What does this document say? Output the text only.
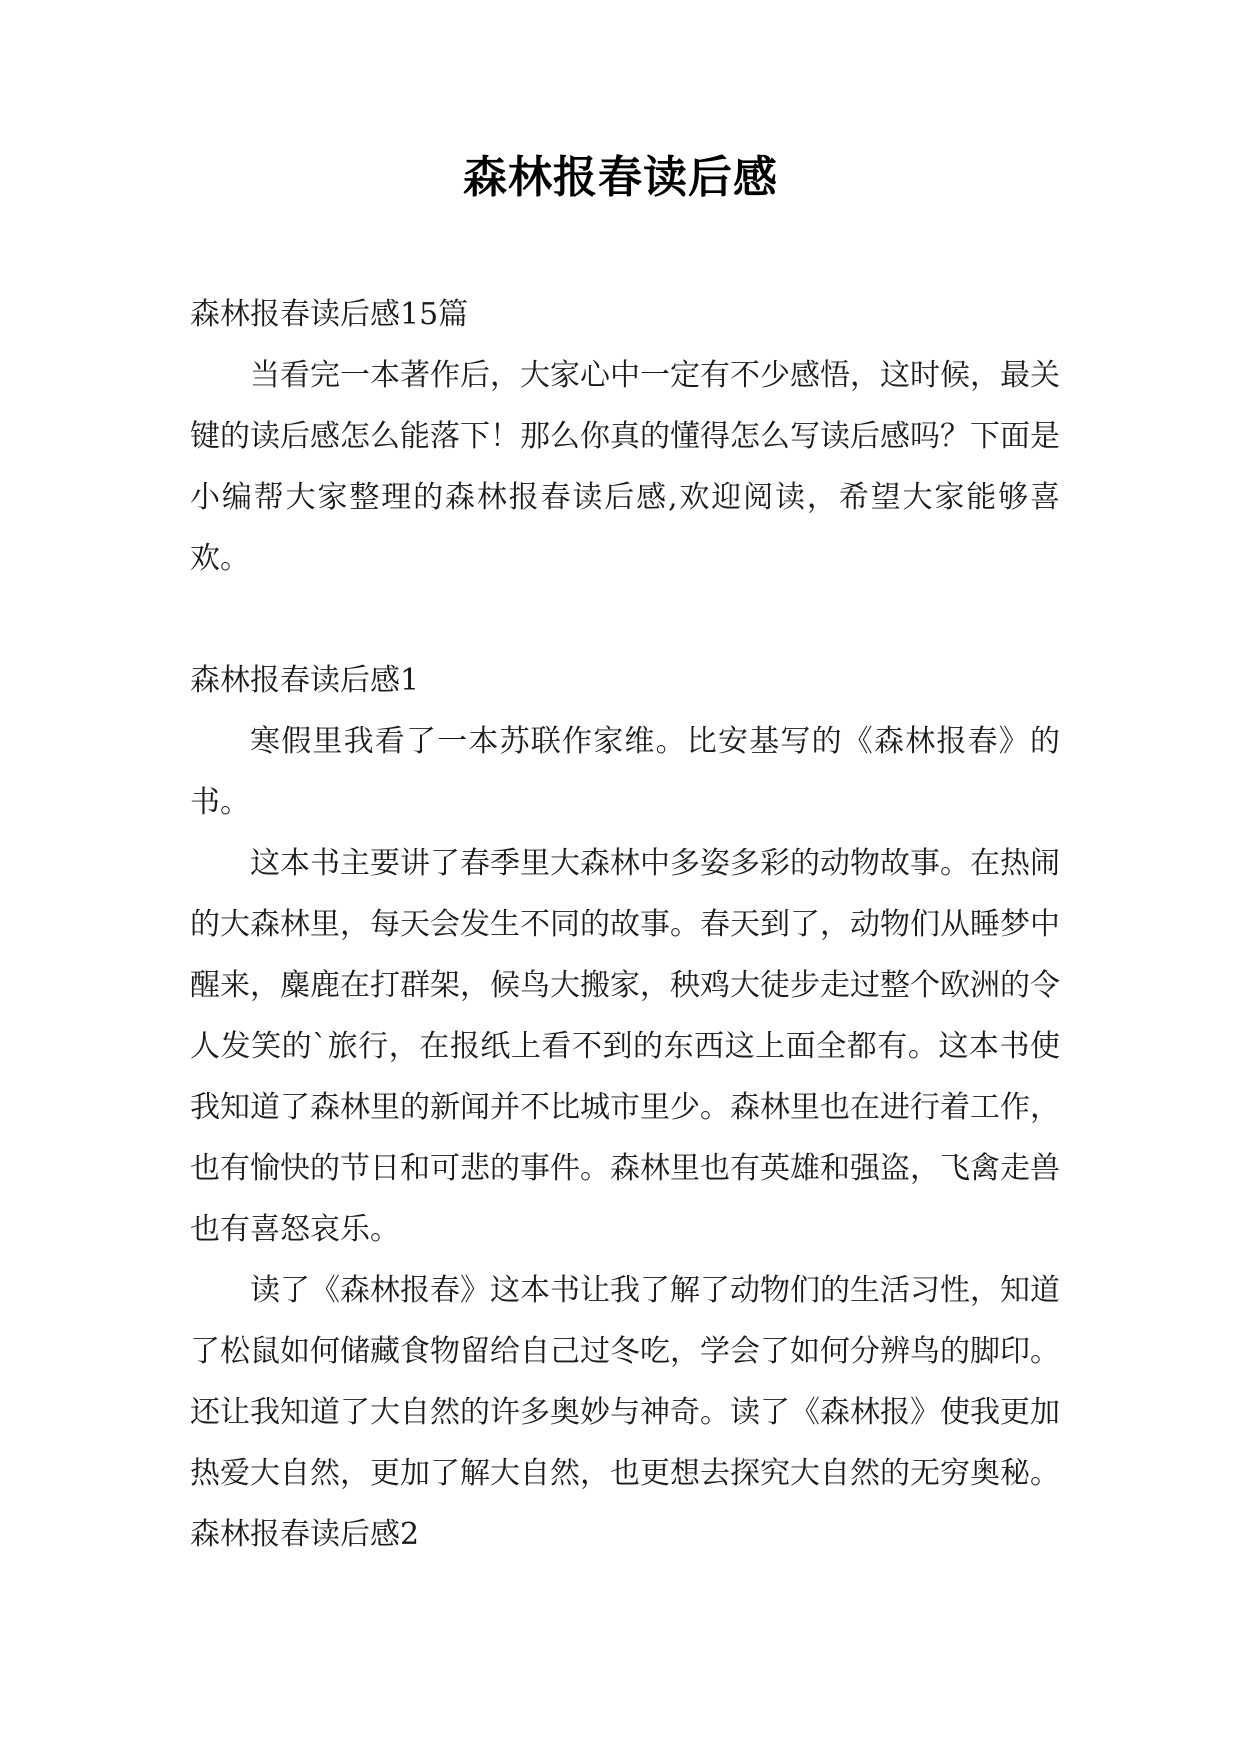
森林报春读后感

森林报春读后感15篇

当看完一本著作后，大家心中一定有不少感悟，这时候，最关键的读后感怎么能落下！那么你真的懂得怎么写读后感吗？下面是小编帮大家整理的森林报春读后感,欢迎阅读，希望大家能够喜欢。

森林报春读后感1

寒假里我看了一本苏联作家维。比安基写的《森林报春》的书。

这本书主要讲了春季里大森林中多姿多彩的动物故事。在热闹的大森林里，每天会发生不同的故事。春天到了，动物们从睡梦中醒来，麋鹿在打群架，候鸟大搬家，秧鸡大徒步走过整个欧洲的令人发笑的`旅行，在报纸上看不到的东西这上面全都有。这本书使我知道了森林里的新闻并不比城市里少。森林里也在进行着工作，也有愉快的节日和可悲的事件。森林里也有英雄和强盗，飞禽走兽也有喜怒哀乐。

读了《森林报春》这本书让我了解了动物们的生活习性，知道了松鼠如何储藏食物留给自己过冬吃，学会了如何分辨鸟的脚印。还让我知道了大自然的许多奥妙与神奇。读了《森林报》使我更加热爱大自然，更加了解大自然，也更想去探究大自然的无穷奥秘。

森林报春读后感2
